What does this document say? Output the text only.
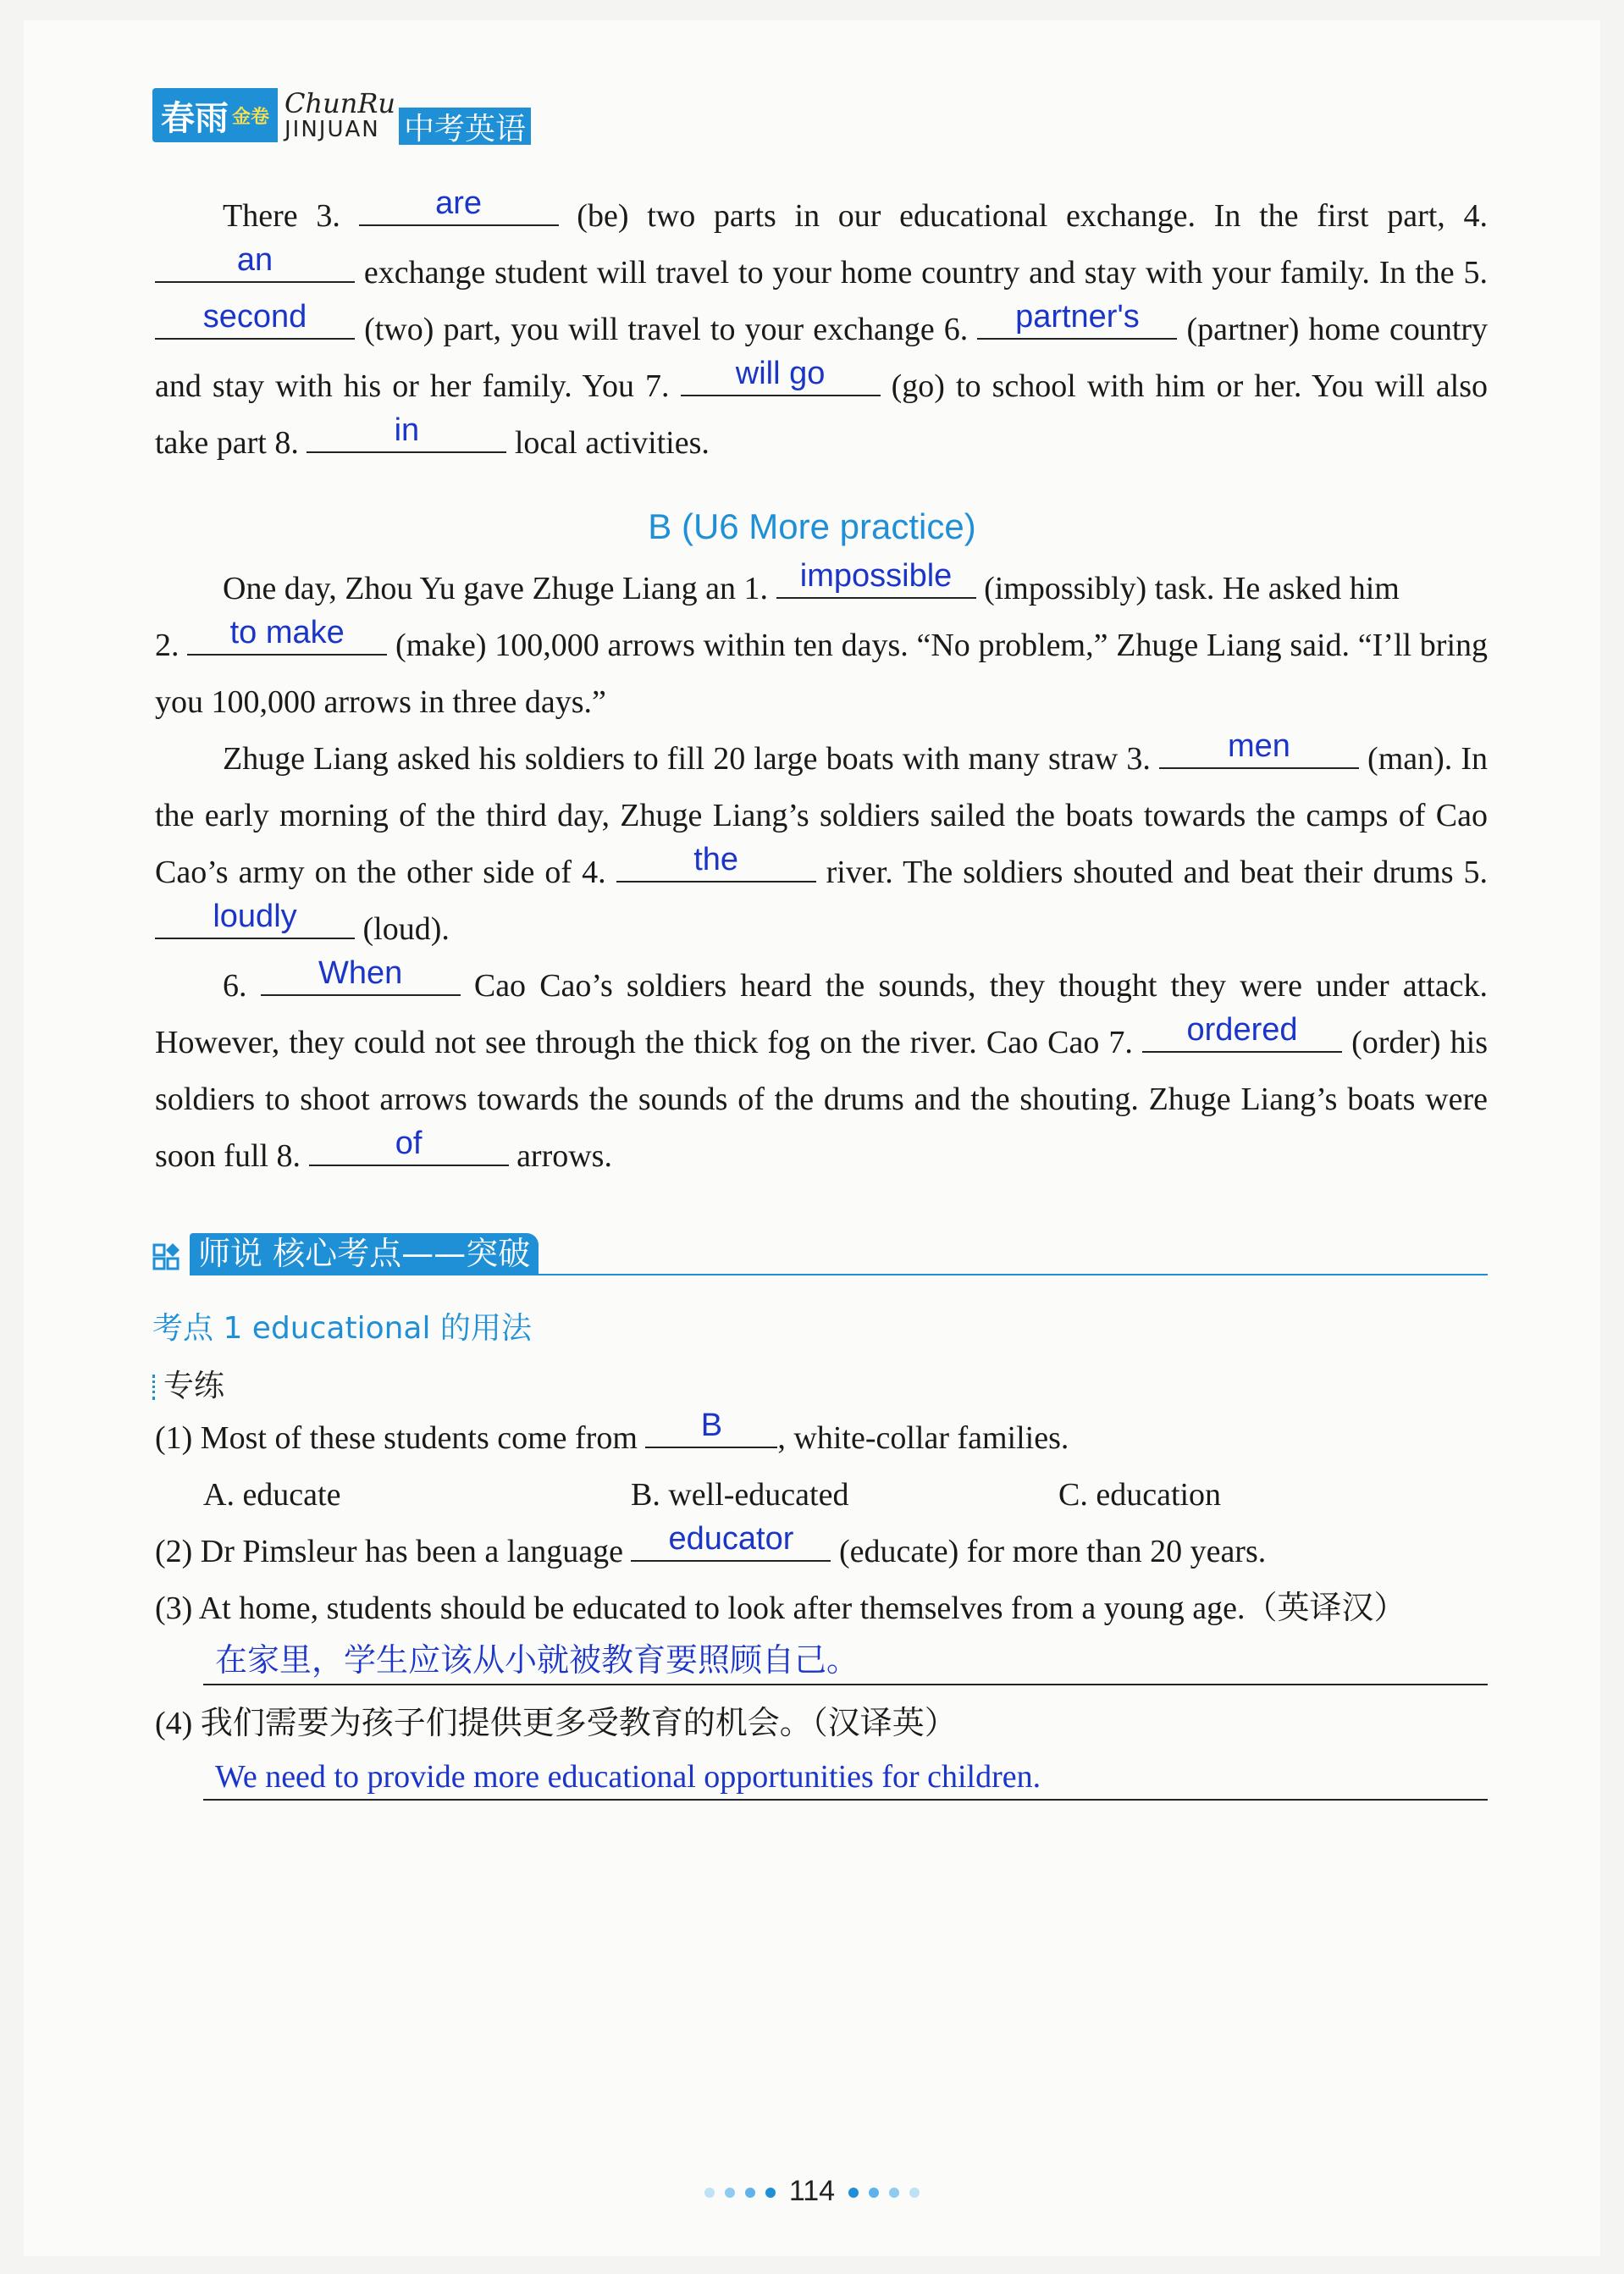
春雨 金卷 ChunRu
JINJUAN 中考英语
There 3.	are	(be) two parts in our educational exchange. In the first part, 4.
an	exchange student will travel to your home country and stay with your family. In the 5.
second	(two) part, you will travel to your exchange 6.	partner's	(partner) home country and stay with his or her family. You 7.	will go	(go) to school with him or her. You will also take part 8.	in	local activities.
B (U6 More practice)
One day, Zhou Yu gave Zhuge Liang an 1. impossible (impossibly) task. He asked him
2.	to make	(make) 100,000 arrows within ten days. “No problem,” Zhuge Liang said. “I’ll bring you 100,000 arrows in three days.”
Zhuge Liang asked his soldiers to fill 20 large boats with many straw 3.	men	(man). In the early morning of the third day, Zhuge Liang’s soldiers sailed the boats towards the camps of Cao Cao’s army on the other side of 4.	the	river. The soldiers shouted and beat their drums 5.
loudly	(loud).
6.	When	Cao Cao’s soldiers heard the sounds, they thought they were under attack. However, they could not see through the thick fog on the river. Cao Cao 7.	ordered	(order) his soldiers to shoot arrows towards the sounds of the drums and the shouting. Zhuge Liang’s boats were soon full 8.	of	arrows.
师说 核心考点——突破
考点 1 educational 的用法
专练
(1) Most of these students come from	B	, white-collar families.
A. educate	B. well-educated	C. education
(2) Dr Pimsleur has been a language	educator	(educate) for more than 20 years.
(3) At home, students should be educated to look after themselves from a young age.（英译汉）
在家里，学生应该从小就被教育要照顾自己。
(4) 我们需要为孩子们提供更多受教育的机会。（汉译英）
We need to provide more educational opportunities for children.
114
